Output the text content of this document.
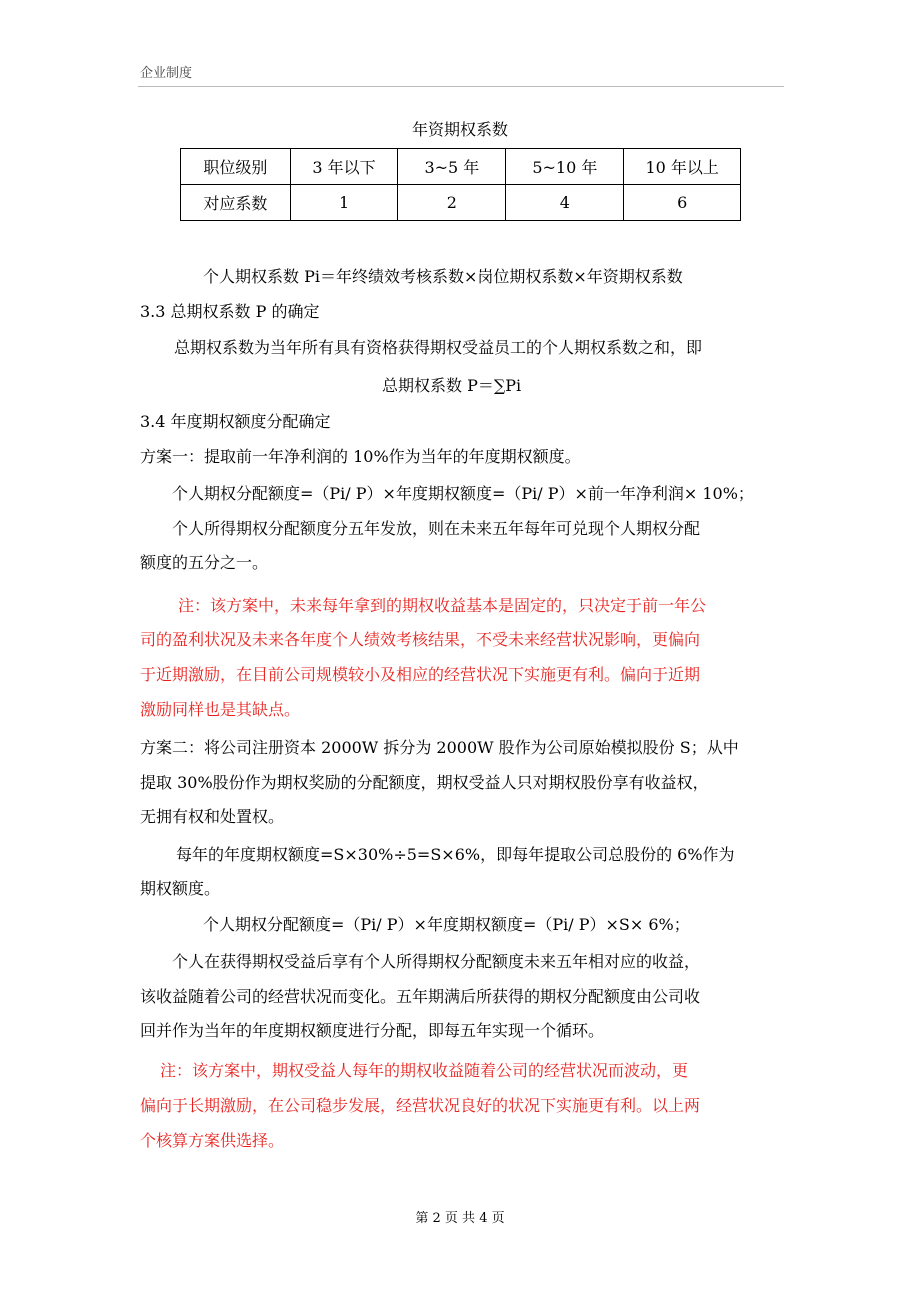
企业制度
年资期权系数
职位级别	3 年以下	3~5 年	5~10 年	10 年以上
对应系数	1	2	4	6
个人期权系数 Pi＝年终绩效考核系数×岗位期权系数×年资期权系数
3.3 总期权系数 P 的确定
总期权系数为当年所有具有资格获得期权受益员工的个人期权系数之和，即
总期权系数 P＝∑Pi
3.4 年度期权额度分配确定
方案一：提取前一年净利润的 10%作为当年的年度期权额度。
个人期权分配额度=（Pi/ P）×年度期权额度=（Pi/ P）×前一年净利润× 10%；
个人所得期权分配额度分五年发放，则在未来五年每年可兑现个人期权分配
额度的五分之一。
注：该方案中，未来每年拿到的期权收益基本是固定的，只决定于前一年公
司的盈利状况及未来各年度个人绩效考核结果，不受未来经营状况影响，更偏向
于近期激励，在目前公司规模较小及相应的经营状况下实施更有利。偏向于近期
激励同样也是其缺点。
方案二：将公司注册资本 2000W 拆分为 2000W 股作为公司原始模拟股份 S；从中
提取 30%股份作为期权奖励的分配额度，期权受益人只对期权股份享有收益权，
无拥有权和处置权。
每年的年度期权额度=S×30%÷5=S×6%，即每年提取公司总股份的 6%作为
期权额度。
个人期权分配额度=（Pi/ P）×年度期权额度=（Pi/ P）×S× 6%；
个人在获得期权受益后享有个人所得期权分配额度未来五年相对应的收益，
该收益随着公司的经营状况而变化。五年期满后所获得的期权分配额度由公司收
回并作为当年的年度期权额度进行分配，即每五年实现一个循环。
注：该方案中，期权受益人每年的期权收益随着公司的经营状况而波动，更
偏向于长期激励，在公司稳步发展，经营状况良好的状况下实施更有利。以上两
个核算方案供选择。
第 2 页 共 4 页
